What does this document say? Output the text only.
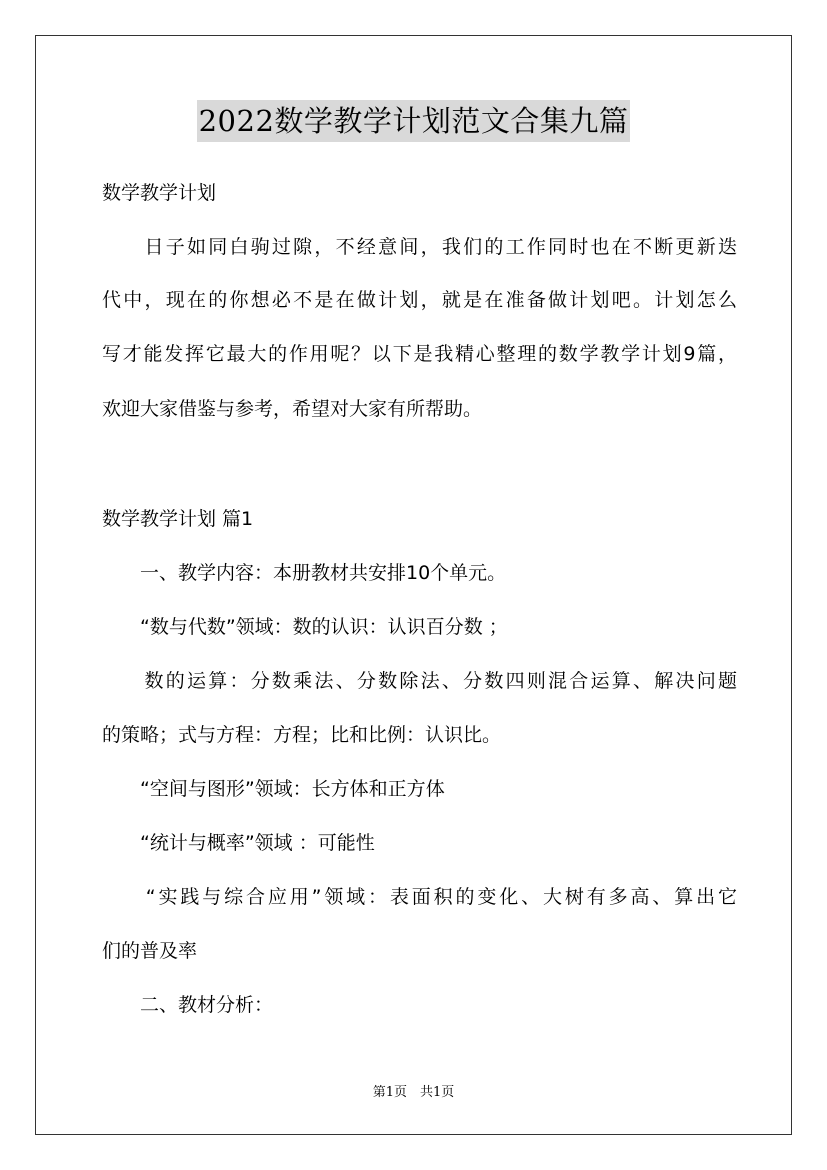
2022数学教学计划范文合集九篇
数学教学计划
　　日子如同白驹过隙，不经意间，我们的工作同时也在不断更新迭
代中，现在的你想必不是在做计划，就是在准备做计划吧。计划怎么
写才能发挥它最大的作用呢？以下是我精心整理的数学教学计划9篇，
欢迎大家借鉴与参考，希望对大家有所帮助。
数学教学计划 篇1
　　一、教学内容：本册教材共安排10个单元。
　　“数与代数”领域：数的认识：认识百分数 ；
　　数的运算：分数乘法、分数除法、分数四则混合运算、解决问题
的策略；式与方程：方程；比和比例：认识比。
　　“空间与图形”领域：长方体和正方体
　　“统计与概率”领域 ：可能性
　　“实践与综合应用”领域：表面积的变化、大树有多高、算出它
们的普及率
　　二、教材分析：
第1页　共1页
